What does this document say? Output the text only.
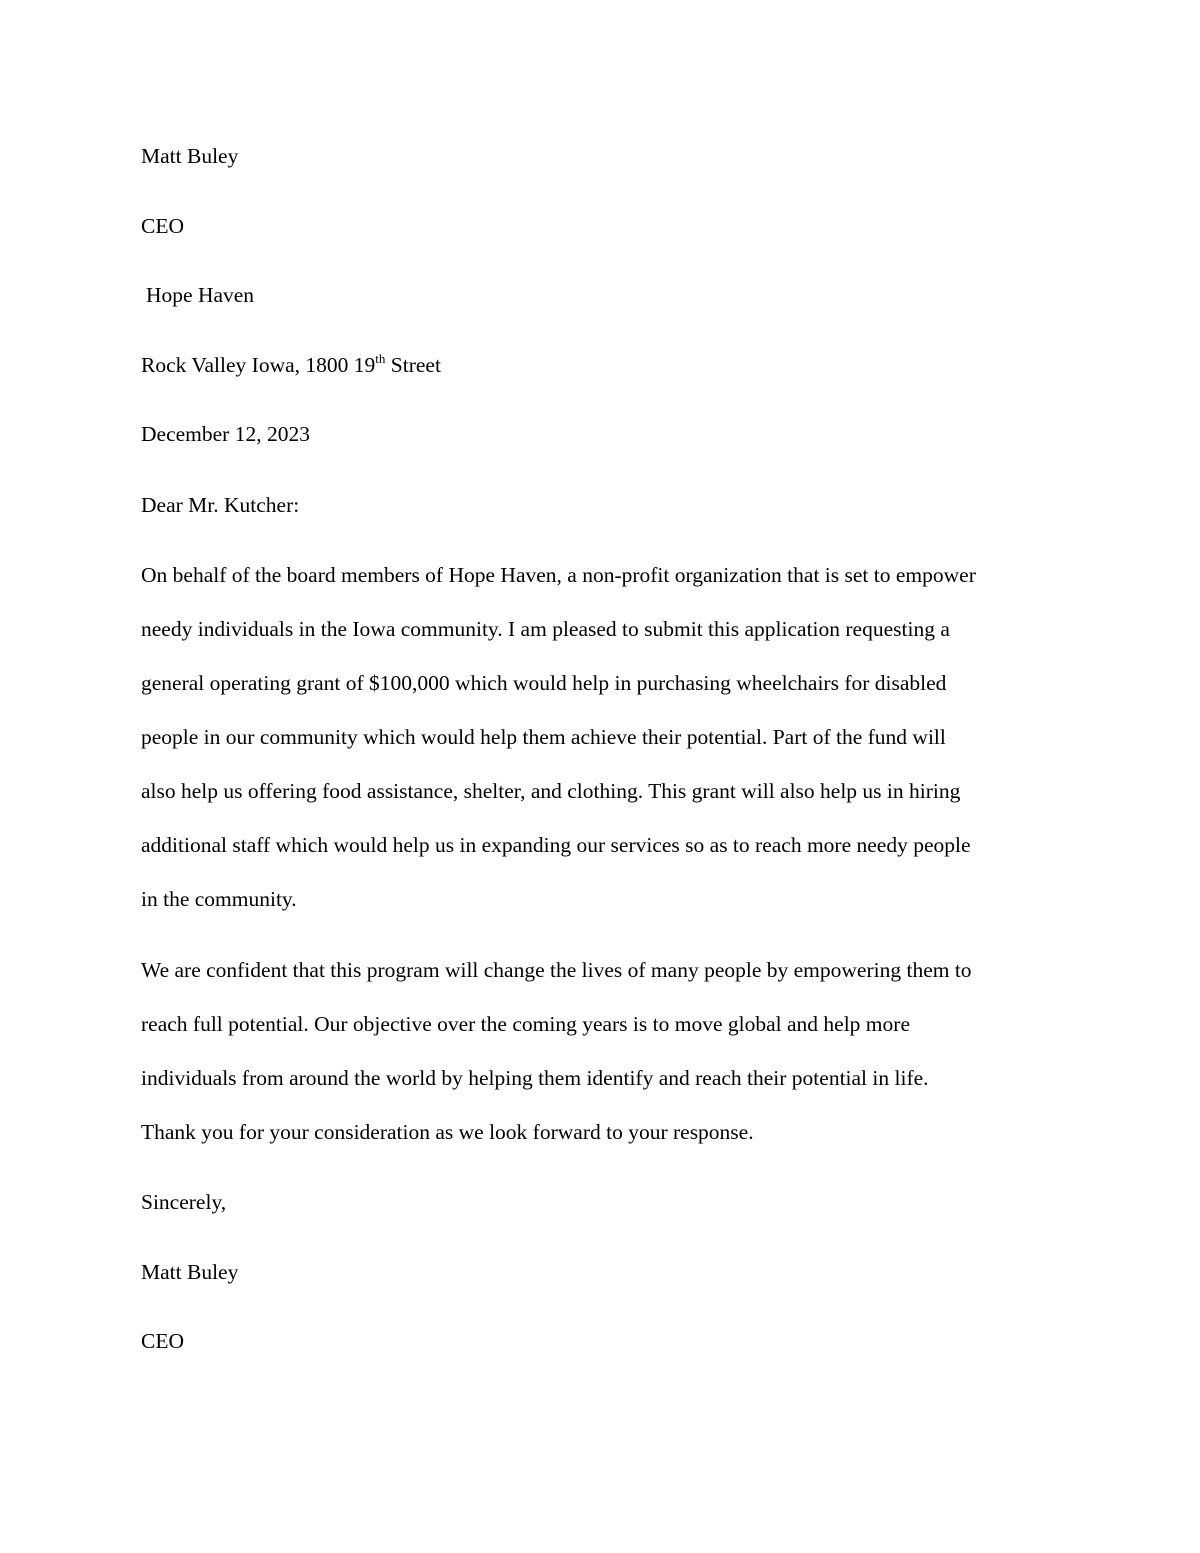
Matt Buley
CEO
Hope Haven
Rock Valley Iowa, 1800 19th Street
December 12, 2023
Dear Mr. Kutcher:
On behalf of the board members of Hope Haven, a non-profit organization that is set to empower
needy individuals in the Iowa community. I am pleased to submit this application requesting a
general operating grant of $100,000 which would help in purchasing wheelchairs for disabled
people in our community which would help them achieve their potential. Part of the fund will
also help us offering food assistance, shelter, and clothing. This grant will also help us in hiring
additional staff which would help us in expanding our services so as to reach more needy people
in the community.
We are confident that this program will change the lives of many people by empowering them to
reach full potential. Our objective over the coming years is to move global and help more
individuals from around the world by helping them identify and reach their potential in life.
Thank you for your consideration as we look forward to your response.
Sincerely,
Matt Buley
CEO
